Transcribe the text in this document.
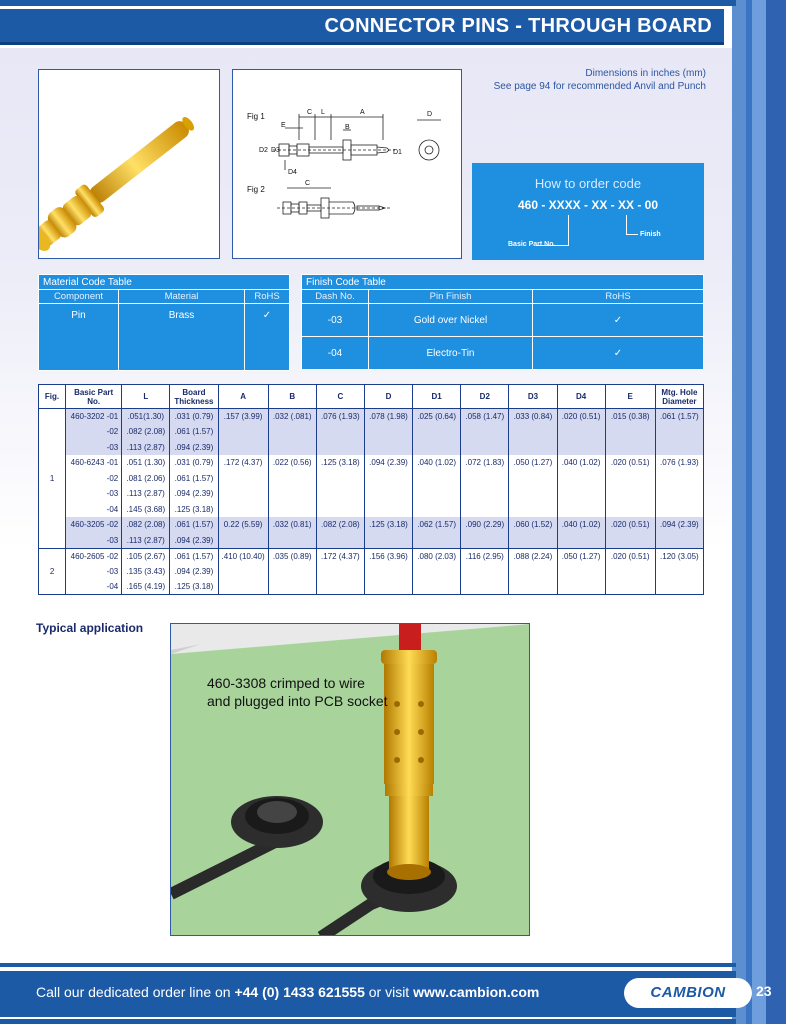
CONNECTOR PINS - THROUGH BOARD
Fig 1
Fig 2
C L	A	D
E	B
D2 D3	D1
D4
C
Dimensions in inches (mm)
See page 94 for recommended Anvil and Punch
How to order code
460 - XXXX - XX - XX - 00
Basic Part No.
Finish
Material Code Table		
Component	Material	RoHS
Pin	Brass	✓
Finish Code Table		
Dash No.	Pin Finish	RoHS
-03	Gold over Nickel	✓
-04	Electro-Tin	✓
Fig.	Basic Part No.	L	Board Thickness	A	B	C	D	D1	D2	D3	D4	E	Mtg. Hole Diameter
1	460-3202 -01	.051(1.30)	.031 (0.79)	.157 (3.99)	.032 (.081)	.076 (1.93)	.078 (1.98)	.025 (0.64)	.058 (1.47)	.033 (0.84)	.020 (0.51)	.015 (0.38)	.061 (1.57)
	-02	.082 (2.08)	.061 (1.57)										
	-03	.113 (2.87)	.094 (2.39)										
	460-6243 -01	.051 (1.30)	.031 (0.79)	.172 (4.37)	.022 (0.56)	.125 (3.18)	.094 (2.39)	.040 (1.02)	.072 (1.83)	.050 (1.27)	.040 (1.02)	.020 (0.51)	.076 (1.93)
	-02	.081 (2.06)	.061 (1.57)										
	-03	.113 (2.87)	.094 (2.39)										
	-04	.145 (3.68)	.125 (3.18)										
	460-3205 -02	.082 (2.08)	.061 (1.57)	0.22 (5.59)	.032 (0.81)	.082 (2.08)	.125 (3.18)	.062 (1.57)	.090 (2.29)	.060 (1.52)	.040 (1.02)	.020 (0.51)	.094 (2.39)
	-03	.113 (2.87)	.094 (2.39)										
2	460-2605 -02	.105 (2.67)	.061 (1.57)	.410 (10.40)	.035 (0.89)	.172 (4.37)	.156 (3.96)	.080 (2.03)	.116 (2.95)	.088 (2.24)	.050 (1.27)	.020 (0.51)	.120 (3.05)
	-03	.135 (3.43)	.094 (2.39)										
	-04	.165 (4.19)	.125 (3.18)										
Typical application
460-3308 crimped to wire
and plugged into PCB socket
Call our dedicated order line on +44 (0) 1433 621555 or visit www.cambion.com	CAMBION	23
